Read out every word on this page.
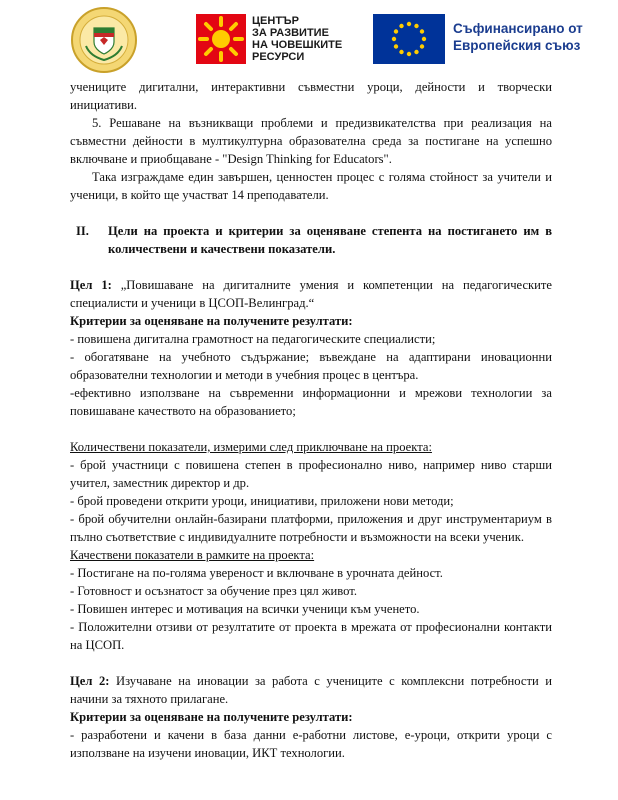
ЦЕНТЪР
ЗА РАЗВИТИЕ
НА ЧОВЕШКИТЕ
РЕСУРСИ
Съфинансирано от
Европейския съюз

учениците дигитални, интерактивни съвместни уроци, дейности и творчески инициативи.

5. Решаване на възникващи проблеми и предизвикателства при реализация на съвместни дейности в мултикултурна образователна среда за постигане на успешно включване и приобщаване - "Design Thinking for Educators".

Така изграждаме един завършен, ценностен процес с голяма стойност за учители и ученици, в който ще участват 14 преподаватели.

II. Цели на проекта и критерии за оценяване степента на постигането им в количествени и качествени показатели.

Цел 1: „Повишаване на дигиталните умения и компетенции на педагогическите специалисти и ученици в ЦСОП-Велинград.“

Критерии за оценяване на получените резултати:

- повишена дигитална грамотност на педагогическите специалисти;

- обогатяване на учебното съдържание; въвеждане на адаптирани иновационни образователни технологии и методи в учебния процес в центъра.

-ефективно използване на съвременни информационни и мрежови технологии за повишаване качеството на образованието;

Количествени показатели, измерими след приключване на проекта:

- брой участници с повишена степен в професионално ниво, например ниво старши учител, заместник директор и др.

- брой проведени открити уроци, инициативи, приложени нови методи;

- брой обучителни онлайн-базирани платформи, приложения и друг инструментариум в пълно съответствие с индивидуалните потребности и възможности на всеки ученик.

Качествени показатели в рамките на проекта:

- Постигане на по-голяма увереност и включване в урочната дейност.

- Готовност и осъзнатост за обучение през цял живот.

- Повишен интерес и мотивация на всички ученици към ученето.

- Положителни отзиви от резултатите от проекта в мрежата от професионални контакти на ЦСОП.

Цел 2: Изучаване на иновации за работа с учениците с комплексни потребности и начини за тяхното прилагане.

Критерии за оценяване на получените резултати:

- разработени и качени в база данни е-работни листове, е-уроци, открити уроци с използване на изучени иновации, ИКТ технологии.
